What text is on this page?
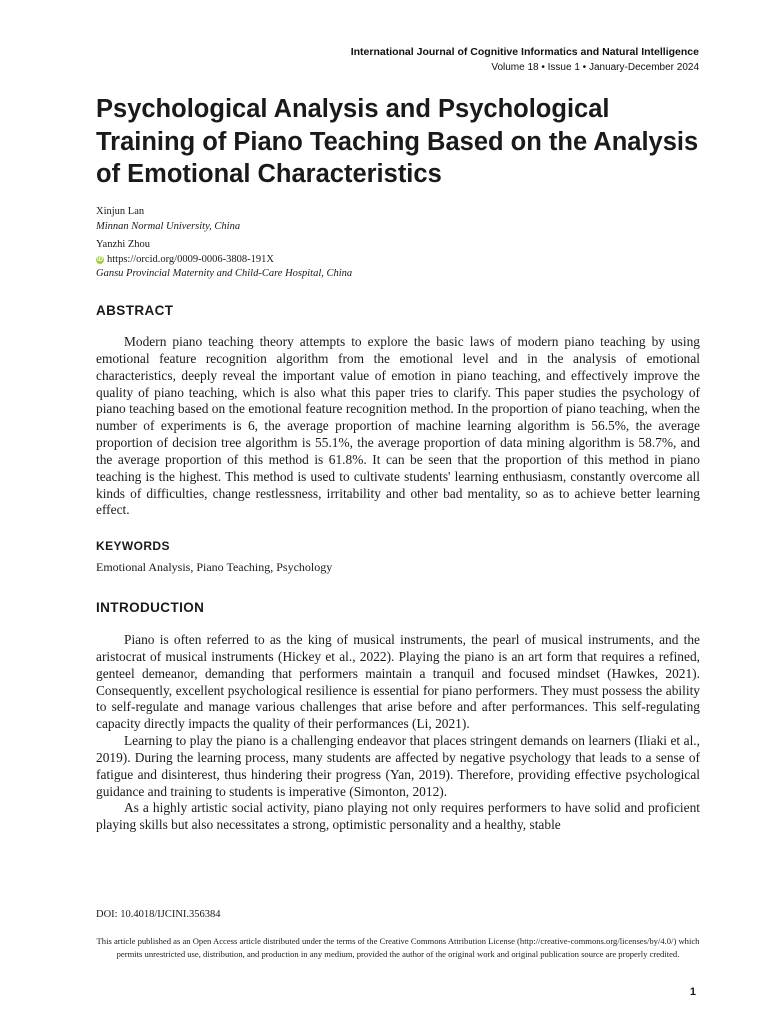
International Journal of Cognitive Informatics and Natural Intelligence
Volume 18 • Issue 1 • January-December 2024
Psychological Analysis and Psychological Training of Piano Teaching Based on the Analysis of Emotional Characteristics
Xinjun Lan
Minnan Normal University, China
Yanzhi Zhou
iD https://orcid.org/0009-0006-3808-191X
Gansu Provincial Maternity and Child-Care Hospital, China
ABSTRACT

Modern piano teaching theory attempts to explore the basic laws of modern piano teaching by using emotional feature recognition algorithm from the emotional level and in the analysis of emotional characteristics, deeply reveal the important value of emotion in piano teaching, and effectively improve the quality of piano teaching, which is also what this paper tries to clarify. This paper studies the psychology of piano teaching based on the emotional feature recognition method. In the proportion of piano teaching, when the number of experiments is 6, the average proportion of machine learning algorithm is 56.5%, the average proportion of decision tree algorithm is 55.1%, the average proportion of data mining algorithm is 58.7%, and the average proportion of this method is 61.8%. It can be seen that the proportion of this method in piano teaching is the highest. This method is used to cultivate students' learning enthusiasm, constantly overcome all kinds of difficulties, change restlessness, irritability and other bad mentality, so as to achieve better learning effect.

KEYWORDS

Emotional Analysis, Piano Teaching, Psychology

INTRODUCTION

Piano is often referred to as the king of musical instruments, the pearl of musical instruments, and the aristocrat of musical instruments (Hickey et al., 2022). Playing the piano is an art form that requires a refined, genteel demeanor, demanding that performers maintain a tranquil and focused mindset (Hawkes, 2021). Consequently, excellent psychological resilience is essential for piano performers. They must possess the ability to self-regulate and manage various challenges that arise before and after performances. This self-regulating capacity directly impacts the quality of their performances (Li, 2021).

Learning to play the piano is a challenging endeavor that places stringent demands on learners (Iliaki et al., 2019). During the learning process, many students are affected by negative psychology that leads to a sense of fatigue and disinterest, thus hindering their progress (Yan, 2019). Therefore, providing effective psychological guidance and training to students is imperative (Simonton, 2012).

As a highly artistic social activity, piano playing not only requires performers to have solid and proficient playing skills but also necessitates a strong, optimistic personality and a healthy, stable

DOI: 10.4018/IJCINI.356384
This article published as an Open Access article distributed under the terms of the Creative Commons Attribution License (http://creative-commons.org/licenses/by/4.0/) which permits unrestricted use, distribution, and production in any medium, provided the author of the original work and original publication source are properly credited.
1
